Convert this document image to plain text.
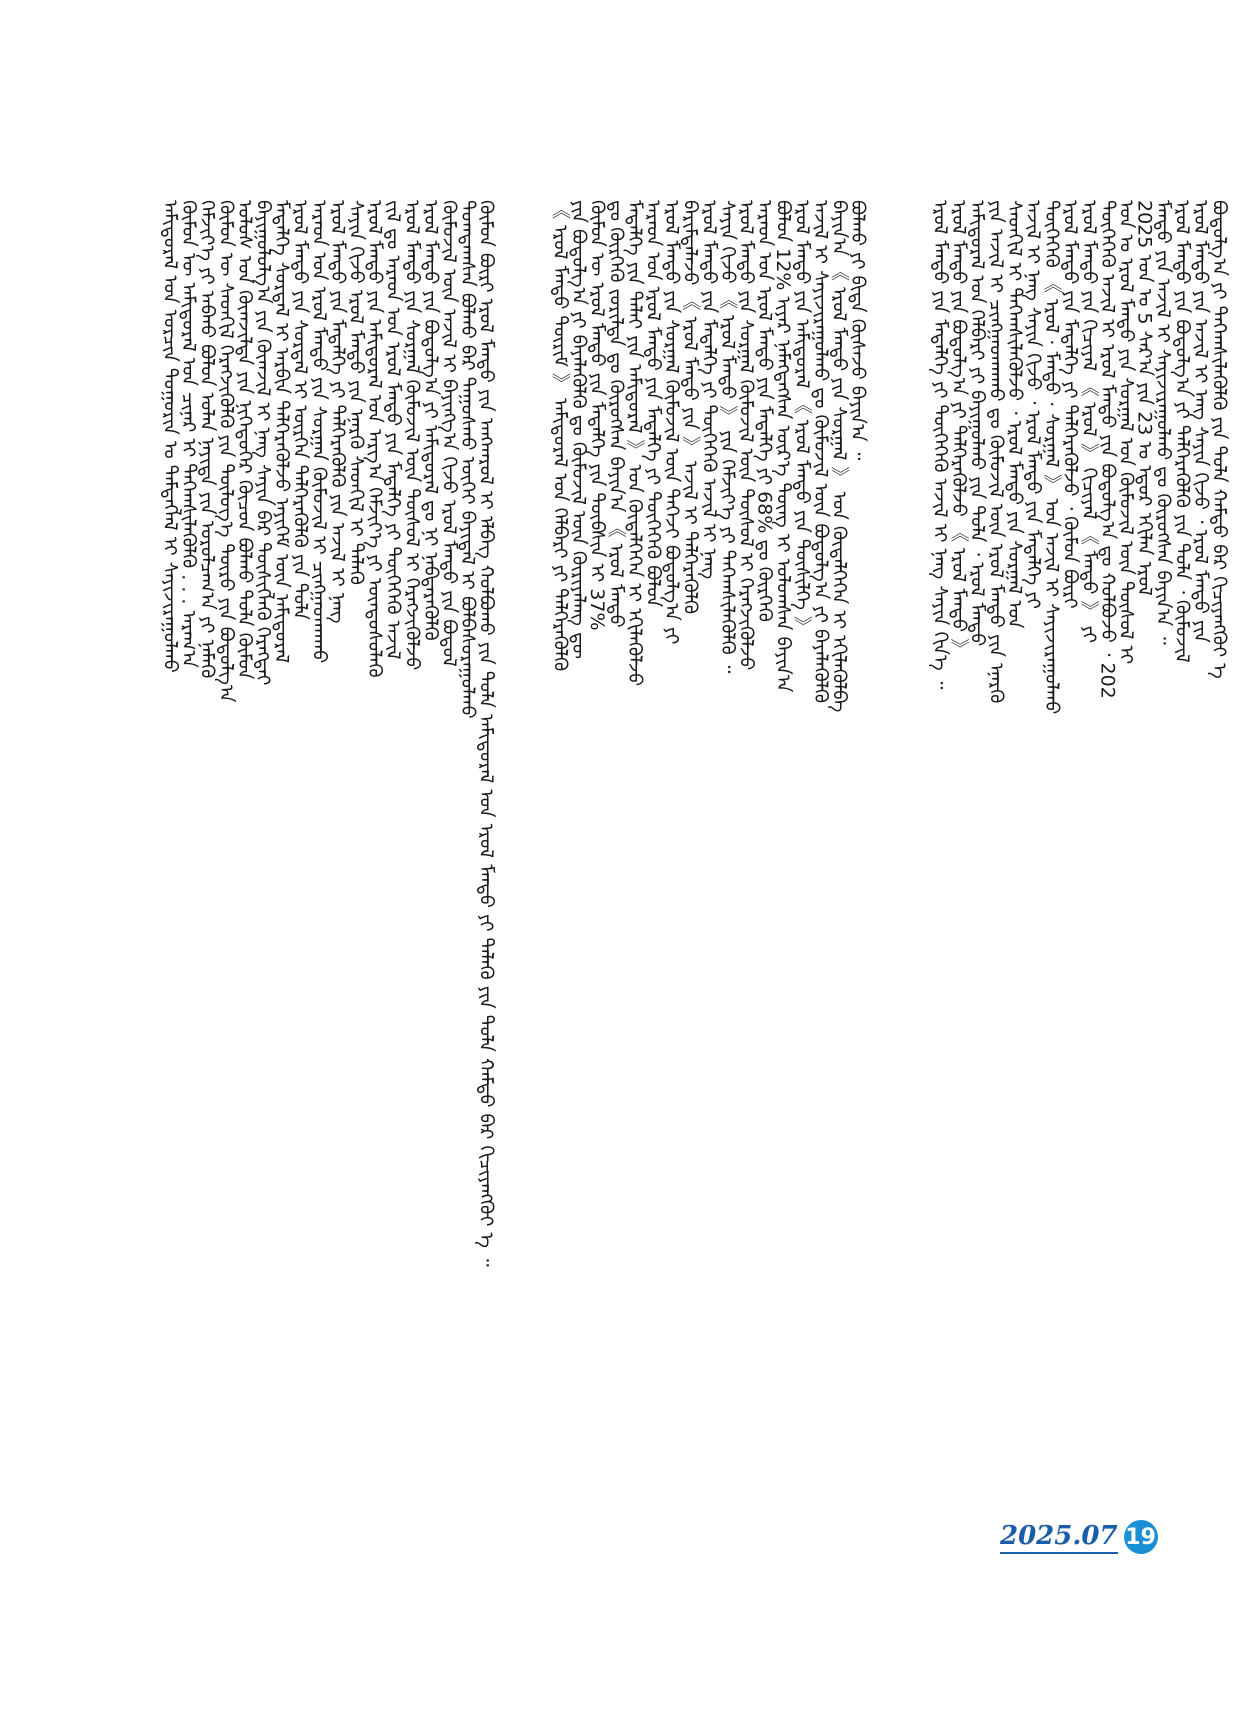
ᠠᠮᠢᠳᠤᠷᠠᠯ ᠤᠨ ᠣᠷᠴᠢᠨ ᠲᠣᠭᠣᠷᠢᠨ ᠤ ᠲᠡᠮᠳᠡᠭᠯᠡᠯ ᠢ ᠰᠠᠶᠢᠵᠢᠷᠠᠭᠤᠯᠬᠤ
ᠬᠦᠮᠦᠨ ᠦ ᠠᠮᠢᠳᠤᠷᠠᠯ ᠤᠨ ᠴᠢᠨᠠᠷ ᠢ ᠳᠡᠭᠡᠭ᠍ᠰᠢᠯᠡᠭᠦᠯᠬᠦ . . . ᠠᠷᠠᠭ᠎ᠠ
ᠬᠡᠮᠵᠢᠶ᠎ᠡ ᠶᠢ ᠠᠪᠬᠤ ᠪᠣᠯᠣᠨ ᠣᠯᠠᠨ ᠨᠡᠶᠢᠲᠡ ᠶᠢᠨ ᠣᠷᠣᠯᠴᠠᠭ᠎ᠠ ᠶᠢ ᠨᠡᠮᠡᠬᠦ
ᠬᠦᠮᠦᠨ ᠦ ᠰᠡᠳᠬᠢᠯ ᠭᠡᠷᠡᠭᠵᠢᠭᠦᠯᠬᠦ ᠶᠢᠨ ᠲᠥᠯᠥᠭ᠎ᠡ ᠲᠥᠷᠥ ᠶᠢᠨ ᠪᠣᠳᠣᠯᠭ᠎ᠠ
ᠤᠯᠤᠰ ᠤᠨ ᠬᠥᠭ᠍ᠵᠢᠯᠲᠡ ᠶᠢᠨ ᠨᠢᠭᠡᠳᠦᠭᠡᠷ ᠬᠦᠴᠦᠨ ᠪᠣᠯᠬᠤ ᠲᠤᠯᠠ ᠬᠦᠮᠦᠨ
ᠪᠠᠶᠢᠭᠤᠯᠤᠯᠭ᠎ᠠ ᠶᠢᠨ ᠬᠥᠭ᠍ᠵᠢᠯ ᠢ ᠨᠡᠩ ᠰᠠᠶᠢᠨ ᠪᠠᠷ ᠲᠥᠰᠢᠭᠯᠡᠬᠦ ᠬᠡᠷᠡᠭᠲᠡᠶ
ᠮᠡᠳᠡᠯᠭᠡ ᠰᠤᠷᠲᠠᠯ ᠢ ᠠᠷᠪᠢᠨ ᠳᠡᠯᠭᠡᠷᠡᠭᠦᠯᠵᠦ ᠨᠡᠶᠢᠭᠡᠮ ᠦᠨ ᠠᠮᠢᠳᠤᠷᠠᠯ
ᠡᠷᠦᠯ ᠮᠡᠨᠳᠦ ᠶᠢᠨ ᠰᠤᠷᠲᠠᠯ ᠢ ᠥᠷᠭᠡᠨ ᠳᠡᠯᠭᠡᠷᠡᠭᠦᠯᠬᠦ ᠶᠢᠨ ᠲᠤᠯᠠ
ᠠᠷᠠᠳ ᠤᠨ ᠡᠷᠦᠯ ᠮᠡᠨᠳᠦ ᠶᠢᠨ ᠰᠤᠷᠭᠠᠨ ᠬᠥᠮᠦᠵᠢᠯ ᠢ ᠴᠢᠩᠭᠠᠳᠬᠠᠬᠤ
ᠡᠷᠦᠯ ᠮᠡᠨᠳᠦ ᠶᠢᠨ ᠮᠡᠳᠡᠯᠭᠡ ᠶᠢ ᠳᠡᠯᠭᠡᠷᠡᠭᠦᠯᠬᠦ ᠶᠢᠨ ᠠᠵᠢᠯ ᠢ ᠨᠡᠩ
ᠰᠠᠶᠢᠨ ᠬᠢᠵᠦ ᠡᠷᠦᠯ ᠮᠡᠨᠳᠦ ᠶᠢᠨ ᠡᠨᠡᠷᠭᠦ ᠰᠡᠳᠬᠢᠯ ᠢ ᠲᠡᠯᠡᠬᠦ
ᠡᠷᠦᠯ ᠮᠡᠨᠳᠦ ᠶᠢᠨ ᠠᠮᠢᠳᠤᠷᠠᠯ ᠤᠨ ᠠᠷᠭ᠎ᠠ ᠬᠡᠮᠵᠢᠶ᠎ᠡ ᠶᠢ ᠦᠨᠳᠦᠰᠦᠯᠡᠬᠦ
ᠵᠢᠯ ᠳᠤ ᠠᠷᠠᠳ ᠤᠨ ᠡᠷᠦᠯ ᠮᠡᠨᠳᠦ ᠶᠢᠨ ᠮᠡᠳᠡᠯᠭᠡ ᠶᠢ ᠲᠦᠭᠡᠬᠡᠬᠦ ᠠᠵᠢᠯ
ᠡᠷᠦᠯ ᠮᠡᠨᠳᠦ ᠶᠢᠨ ᠰᠤᠷᠭᠠᠯ ᠬᠥᠮᠦᠵᠢᠯ ᠦᠨ ᠲᠥᠰᠥᠯ ᠢ ᠬᠡᠷᠡᠭᠵᠢᠭᠦᠯᠵᠦ
ᠡᠷᠦᠯ ᠮᠡᠨᠳᠦ ᠶᠢᠨ ᠪᠣᠳᠣᠯᠭ᠎ᠠ ᠶᠢ ᠠᠮᠢᠳᠤᠷᠠᠯ ᠳᠤ ᠨᠢ ᠨᠡᠪᠲᠡᠷᠡᠭᠦᠯᠬᠦ
ᠬᠥᠮᠦᠵᠢᠯ ᠦᠨ ᠠᠵᠢᠯ ᠢ ᠪᠠᠶᠢᠩᠭ᠎ᠠ ᠬᠢᠵᠦ ᠡᠷᠦᠯ ᠮᠡᠨᠳᠦ ᠶᠢᠨ ᠪᠣᠳᠣᠯ
ᠲᠣᠭᠲᠠᠭᠰᠠᠨ ᠪᠣᠯᠬᠤ ᠪᠡᠷ ᠲᠠᠭᠤᠰᠬᠤ ᠦᠭᠡᠢ ᠪᠠᠶᠢᠳᠠᠯ ᠢ ᠪᠣᠯᠪᠠᠰᠤᠷᠠᠭᠤᠯᠬᠤ
ᠬᠦᠮᠦᠨ ᠪᠦᠷᠢ ᠡᠷᠦᠯ ᠮᠡᠨᠳᠦ ᠶᠢᠨ ᠠᠩᠬᠠᠷᠤᠯ ᠢ ᠡᠯᠪᠡᠭ ᠬᠣᠯᠪᠣᠬᠤ ᠶᠢᠨ ᠲᠤᠯᠠ ᠠᠮᠢᠳᠤᠷᠠᠯ ᠤᠨ ᠡᠷᠦᠯ ᠮᠡᠨᠳᠦ ᠶᠢ ᠲᠡᠯᠡᠬᠦ ᠶᠢᠨ ᠲᠤᠯᠠ ᠬᠠᠮᠲᠤ ᠪᠠᠷ ᠬᠢᠴᠢᠶᠡᠩᠭᠦᠢ ᠡ ᠃	《 ᠡᠷᠦᠯ ᠮᠡᠨᠳᠦ ᠳᠦᠷᠢᠮ 》 ᠠᠮᠢᠳᠤᠷᠠᠯ ᠤᠨ ᠬᠡᠯᠪᠡᠷᠢ ᠶᠢ ᠳᠡᠯᠭᠡᠷᠡᠭᠦᠯᠬᠦ
ᠶᠢᠨ ᠪᠣᠳᠣᠯᠭ᠎ᠠ ᠶᠢ ᠪᠡᠶᠡᠯᠡᠭᠦᠯᠬᠦ ᠳᠤ ᠬᠥᠮᠦᠵᠢᠯ ᠦᠨ ᠬᠦᠷᠢᠶᠡᠯᠡᠩ ᠳᠦ
ᠬᠦᠮᠦᠨ ᠦ ᠡᠷᠦᠯ ᠮᠡᠨᠳᠦ ᠶᠢᠨ ᠮᠡᠳᠡᠯᠭᠡ ᠶᠢᠨ ᠲᠦᠪᠰᠢᠨ ᠢ 37%
ᠳᠤ ᠬᠦᠷᠭᠡᠬᠦ ᠵᠣᠷᠢᠯᠲᠠ ᠳᠤ ᠬᠦᠷᠦᠭᠰᠡᠨ ᠪᠠᠶᠢᠨ᠎ᠠ 《 ᠡᠷᠦᠯ ᠮᠡᠨᠳᠦ
ᠮᠡᠳᠡᠯᠭᠡ ᠶᠢᠨ ᠳᠠᠯᠠᠢ ᠶᠢᠨ ᠠᠮᠢᠳᠤᠷᠠᠯ 》 ᠤᠨ ᠬᠥᠳᠡᠯᠭᠡᠭᠡᠨ ᠢ ᠡᠬᠢᠯᠡᠭᠦᠯᠵᠦ
ᠠᠷᠠᠳ ᠤᠨ ᠡᠷᠦᠯ ᠮᠡᠨᠳᠦ ᠶᠢᠨ ᠮᠡᠳᠡᠯᠭᠡ ᠶᠢ ᠲᠥᠭᠡᠭᠡᠬᠦ ᠪᠣᠯᠣᠨ
ᠡᠷᠦᠯ ᠮᠡᠨᠳᠦ ᠶᠢᠨ ᠰᠤᠷᠭᠠᠯ ᠬᠥᠮᠦᠵᠢᠯ ᠦᠨ ᠳᠡᠭᠡᠵᠢ ᠪᠣᠳᠣᠯᠭ᠎ᠠ ᠶᠢ
ᠪᠠᠷᠢᠮᠲᠠᠯᠠᠵᠤ 《 ᠡᠷᠦᠯ ᠮᠡᠨᠳᠦ ᠶᠢᠨ 》 ᠠᠵᠢᠯ ᠢ ᠳᠡᠯᠭᠡᠷᠡᠭᠦᠯᠬᠦ
ᠡᠷᠦᠯ ᠮᠡᠨᠳᠦ ᠶᠢᠨ ᠮᠡᠳᠡᠯᠭᠡ ᠶᠢ ᠲᠦᠭᠡᠭᠡᠬᠦ ᠠᠵᠢᠯ ᠢ ᠨᠡᠩ
ᠰᠠᠶᠢᠨ ᠬᠢᠵᠦ 《 ᠡᠷᠦᠯ ᠮᠡᠨᠳᠦ 》 ᠶᠢᠨ ᠬᠡᠮᠵᠢᠶ᠎ᠡ ᠶᠢ ᠳᠡᠭᠡᠭ᠍ᠰᠢᠯᠡᠭᠦᠯᠬᠦ ᠃
ᠡᠷᠦᠯ ᠮᠡᠨᠳᠦ ᠶᠢᠨ ᠰᠤᠷᠭᠠᠯ ᠬᠥᠮᠦᠵᠢᠯ ᠦᠨ ᠲᠥᠰᠥᠯ ᠢ ᠬᠡᠷᠡᠭᠵᠢᠭᠦᠯᠵᠦ
ᠠᠷᠠᠳ ᠤᠨ ᠡᠷᠦᠯ ᠮᠡᠨᠳᠦ ᠶᠢᠨ ᠮᠡᠳᠡᠯᠭᠡ ᠶᠢ 68% ᠳᠤ ᠬᠦᠷᠭᠡᠬᠦ
ᠪᠣᠯᠣᠨ 12% ᠢᠶᠡᠷ ᠨᠡᠮᠡᠭᠳᠡᠭᠰᠡᠨ ᠦᠷ᠎ᠡ ᠳᠦᠩ ᠢ ᠣᠯᠤᠭᠰᠠᠨ ᠪᠠᠶᠢᠨ᠎ᠠ
ᠡᠷᠦᠯ ᠮᠡᠨᠳᠦ ᠶᠢᠨ ᠠᠮᠢᠳᠤᠷᠠᠯ 《 ᠡᠷᠦᠯ ᠮᠡᠨᠳᠦ ᠶᠢᠨ ᠲᠦᠰᠢᠯᠭᠡ 》
ᠠᠵᠢᠯ ᠢ ᠰᠠᠶᠢᠵᠢᠷᠠᠭᠤᠯᠬᠤ ᠳᠤ ᠬᠥᠮᠦᠵᠢᠯ ᠦᠨ ᠪᠣᠳᠣᠯᠭ᠎ᠠ ᠶᠢ ᠪᠡᠶᠡᠯᠡᠭᠦᠯᠬᠦ
ᠪᠠᠶᠢᠨ᠎ᠠ 《 ᠡᠷᠦᠯ ᠮᠡᠨᠳᠦ ᠶᠢᠨ ᠰᠤᠷᠭᠠᠯ 》 ᠤᠨ ᠬᠥᠳᠡᠯᠭᠡᠭᠡᠨ ᠢ ᠡᠬᠢᠯᠡᠭᠦᠯᠪᠡ
ᠪᠣᠯᠬᠤ ᠶᠢ ᠪᠢᠳᠡ ᠬᠦᠰᠡᠵᠦ ᠪᠠᠶᠢᠨ᠎ᠠ ᠃	ᠡᠷᠦᠯ ᠮᠡᠨᠳᠦ ᠶᠢᠨ ᠮᠡᠳᠡᠯᠭᠡ ᠶᠢ ᠲᠦᠭᠡᠭᠡᠬᠦ ᠠᠵᠢᠯ ᠢ ᠨᠡᠩ ᠰᠠᠶᠢᠨ ᠬᠢᠨ᠎ᠡ ᠃
ᠡᠷᠦᠯ ᠮᠡᠨᠳᠦ ᠶᠢᠨ ᠪᠣᠳᠣᠯᠭ᠎ᠠ ᠶᠢ ᠳᠡᠯᠭᠡᠷᠡᠭᠦᠯᠵᠦ 《 ᠡᠷᠦᠯ ᠮᠡᠨᠳᠦ 》
ᠠᠮᠢᠳᠤᠷᠠᠯ ᠤᠨ ᠬᠡᠯᠪᠡᠷᠢ ᠶᠢ ᠪᠠᠶᠢᠭᠤᠯᠬᠤ ᠶᠢᠨ ᠲᠤᠯᠠ ᠂ ᠡᠷᠦᠯ ᠮᠡᠨᠳᠦ
ᠶᠢᠨ ᠠᠵᠢᠯ ᠢ ᠴᠢᠩᠭᠠᠳᠬᠠᠬᠤ ᠳᠤ ᠬᠥᠮᠦᠵᠢᠯ ᠦᠨ ᠡᠷᠦᠯ ᠮᠡᠨᠳᠦ ᠶᠢᠨ ᠡᠨᠡᠷᠭᠦ
ᠰᠡᠳᠬᠢᠯ ᠢ ᠳᠡᠭᠡᠭ᠍ᠰᠢᠯᠡᠭᠦᠯᠵᠦ ᠂ ᠡᠷᠦᠯ ᠮᠡᠨᠳᠦ ᠶᠢᠨ ᠰᠤᠷᠭᠠᠯ ᠤᠨ
ᠠᠵᠢᠯ ᠢ ᠨᠡᠩ ᠰᠠᠶᠢᠨ ᠬᠢᠵᠦ ᠂ ᠡᠷᠦᠯ ᠮᠡᠨᠳᠦ ᠶᠢᠨ ᠮᠡᠳᠡᠯᠭᠡ ᠶᠢ
ᠲᠦᠭᠡᠭᠡᠬᠦ 《 ᠡᠷᠦᠯ · ᠮᠡᠨᠳᠦ · ᠰᠤᠷᠭᠠᠯ 》 ᠤᠨ ᠠᠵᠢᠯ ᠢ ᠰᠠᠶᠢᠵᠢᠷᠠᠭᠤᠯᠬᠤ
ᠡᠷᠦᠯ ᠮᠡᠨᠳᠦ ᠶᠢᠨ ᠮᠡᠳᠡᠯᠭᠡ ᠶᠢ ᠳᠡᠯᠭᠡᠷᠡᠭᠦᠯᠵᠦ ᠂ ᠬᠦᠮᠦᠨ ᠪᠦᠷᠢ
ᠡᠷᠦᠯ ᠮᠡᠨᠳᠦ ᠶᠢᠨ ᠬᠢᠴᠢᠶᠡᠯ 《 ᠡᠷᠦᠯ 》 ᠬᠢᠴᠢᠶᠡᠯ 《 ᠮᠡᠨᠳᠦ 》 ᠶᠢ
ᠲᠦᠭᠡᠭᠡᠬᠦ ᠠᠵᠢᠯ ᠢ ᠡᠷᠦᠯ ᠮᠡᠨᠳᠦ ᠶᠢᠨ ᠪᠣᠳᠣᠯᠭ᠎ᠠ ᠳᠤ ᠬᠣᠯᠪᠣᠵᠤ ᠂ 202
ᠣᠨ ᠤ ᠡᠷᠦᠯ ᠮᠡᠨᠳᠦ ᠶᠢᠨ ᠰᠤᠷᠭᠠᠯ ᠤᠨ ᠬᠥᠮᠦᠵᠢᠯ ᠦᠨ ᠲᠥᠰᠥᠯ ᠢ
2025 ᠣᠨ ᠤ 5 ᠰᠠᠷ᠎ᠠ ᠶᠢᠨ 23 ᠤ ᠡᠳᠦᠷ ᠡᠬᠢᠯᠡᠨ ᠡᠷᠦᠯ
ᠮᠡᠨᠳᠦ ᠶᠢᠨ ᠠᠵᠢᠯ ᠢ ᠰᠠᠶᠢᠵᠢᠷᠠᠭᠤᠯᠬᠤ ᠳᠤ ᠬᠦᠷᠦᠭᠰᠡᠨ ᠪᠠᠶᠢᠨ᠎ᠠ ᠃
ᠡᠷᠦᠯ ᠮᠡᠨᠳᠦ ᠶᠢᠨ ᠪᠣᠳᠣᠯᠭ᠎ᠠ ᠶᠢ ᠳᠡᠯᠭᠡᠷᠡᠭᠦᠯᠬᠦ ᠶᠢᠨ ᠲᠤᠯᠠ ᠂ ᠬᠥᠮᠦᠵᠢᠯ
ᠡᠷᠦᠯ ᠮᠡᠨᠳᠦ ᠶᠢᠨ ᠠᠵᠢᠯ ᠢ ᠨᠡᠩ ᠰᠠᠶᠢᠨ ᠬᠢᠵᠦ ᠂ ᠡᠷᠦᠯ ᠮᠡᠨᠳᠦ ᠶᠢᠨ
ᠪᠣᠳᠣᠯᠭ᠎ᠠ ᠶᠢ ᠳᠡᠭᠡᠭ᠍ᠰᠢᠯᠡᠭᠦᠯᠬᠦ ᠶᠢᠨ ᠲᠤᠯᠠ ᠬᠠᠮᠲᠤ ᠪᠠᠷ ᠬᠢᠴᠢᠶᠡᠩᠭᠦᠢ ᠡ
2025.07 19
